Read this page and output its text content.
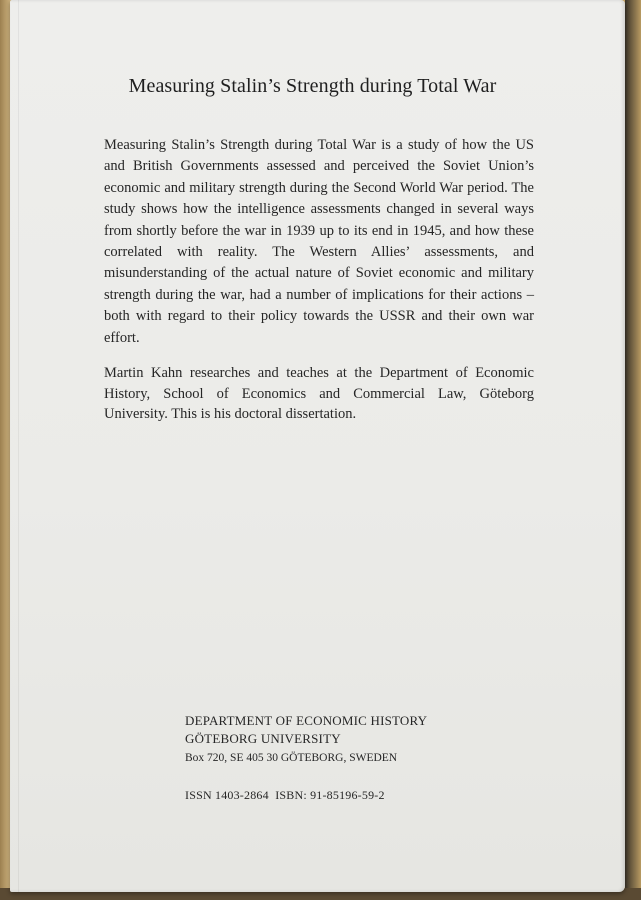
Measuring Stalin’s Strength during Total War

Measuring Stalin’s Strength during Total War is a study of how the US and British Governments assessed and perceived the Soviet Union’s economic and military strength during the Second World War period. The study shows how the intelligence assessments changed in several ways from shortly before the war in 1939 up to its end in 1945, and how these correlated with reality. The Western Allies’ assessments, and misunderstanding of the actual nature of Soviet economic and military strength during the war, had a number of implications for their actions – both with regard to their policy towards the USSR and their own war effort.

Martin Kahn researches and teaches at the Department of Economic History, School of Economics and Commercial Law, Göteborg University. This is his doctoral dissertation.

DEPARTMENT OF ECONOMIC HISTORY
GÖTEBORG UNIVERSITY
Box 720, SE 405 30 GÖTEBORG, SWEDEN
ISSN 1403-2864  ISBN: 91-85196-59-2
